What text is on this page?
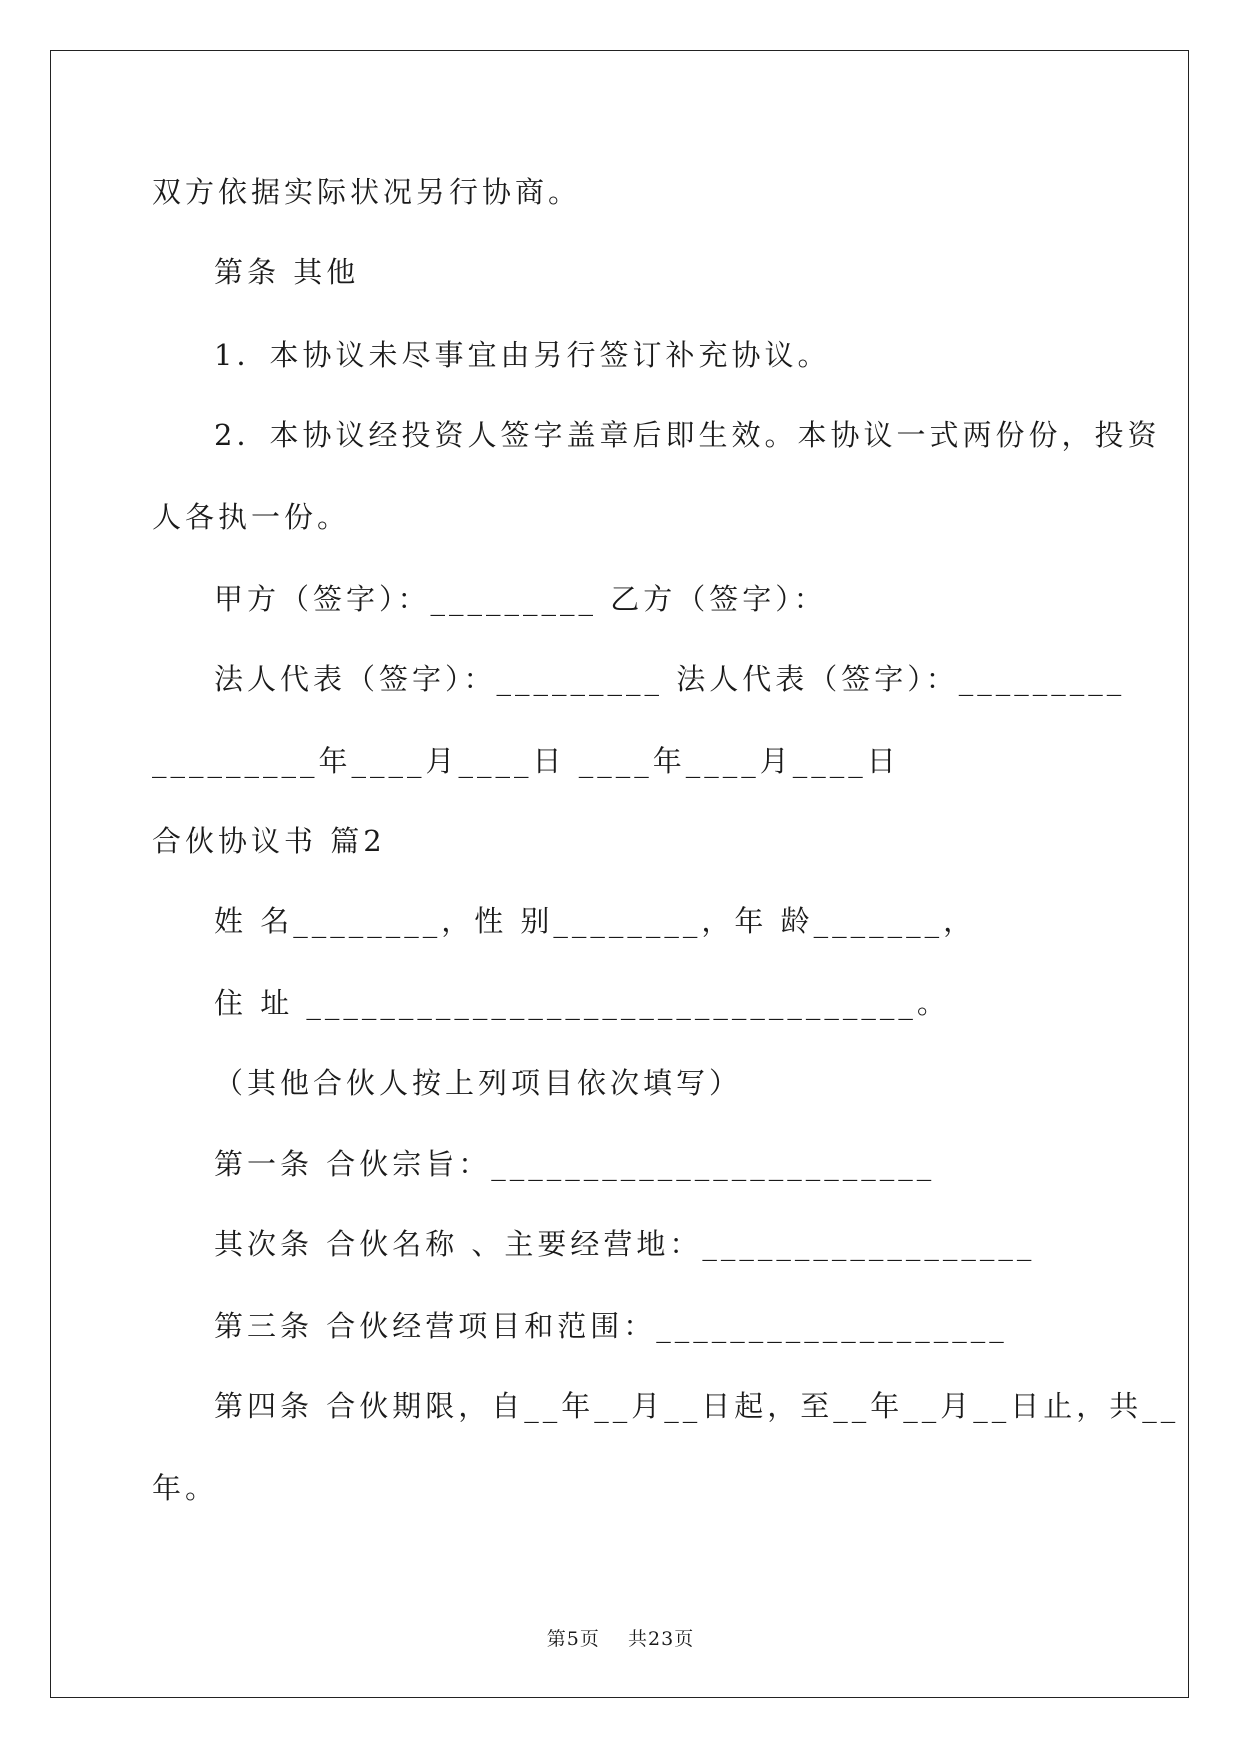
双方依据实际状况另行协商。
第条 其他
1．本协议未尽事宜由另行签订补充协议。
2．本协议经投资人签字盖章后即生效。本协议一式两份份，投资
人各执一份。
甲方（签字）：_________ 乙方（签字）：
法人代表（签字）：_________ 法人代表（签字）：_________
_________年____月____日 ____年____月____日
合伙协议书 篇2
姓 名________，性 别________，年 龄_______，
住 址 _________________________________。
（其他合伙人按上列项目依次填写）
第一条 合伙宗旨：________________________
其次条 合伙名称 、主要经营地：__________________
第三条 合伙经营项目和范围：___________________
第四条 合伙期限，自__年__月__日起，至__年__月__日止，共__
年。
第5页    共23页
